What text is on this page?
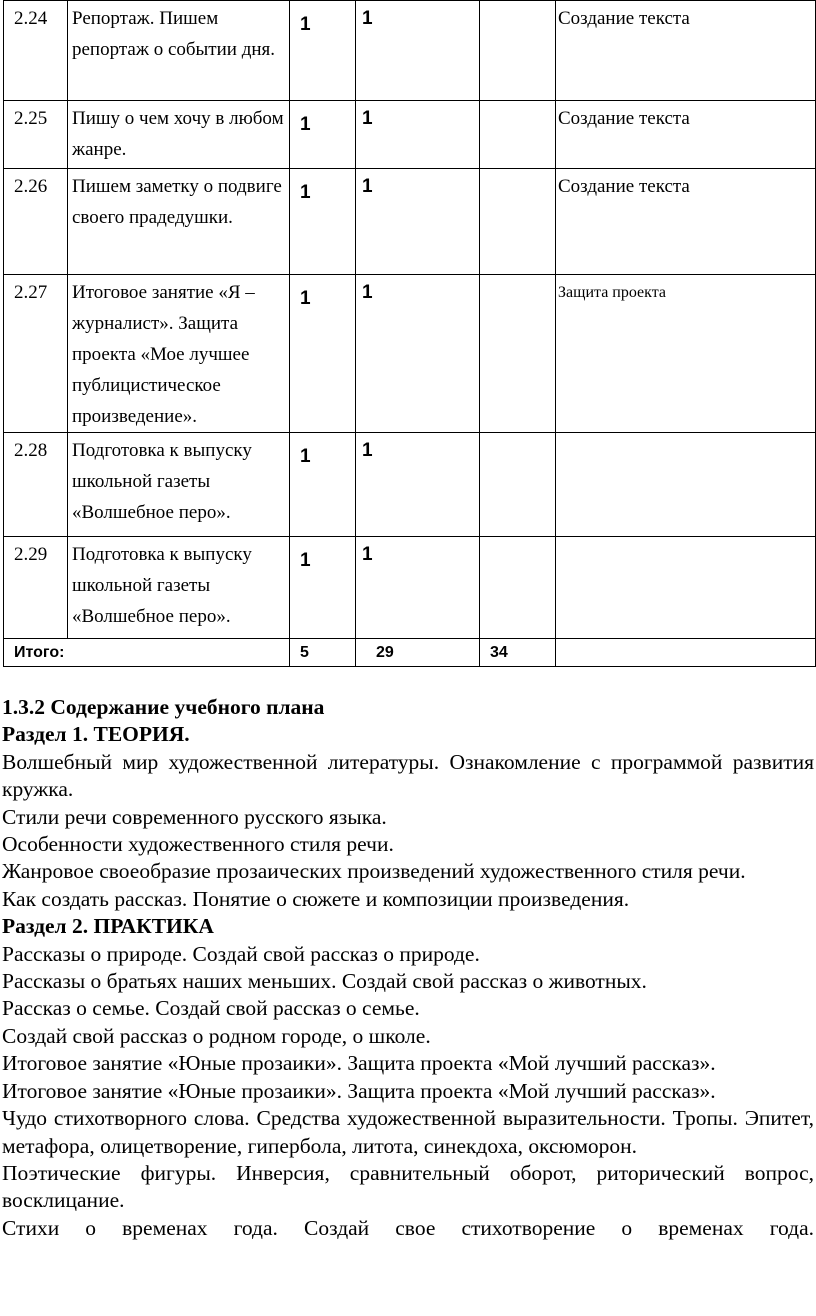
2.24	Репортаж. Пишем репортаж о событии дня.	1	1		Создание текста
2.25	Пишу о чем хочу в любом жанре.	1	1		Создание текста
2.26	Пишем заметку о подвиге своего прадедушки.	1	1		Создание текста
2.27	Итоговое занятие «Я – журналист». Защита проекта «Мое лучшее публицистическое произведение».	1	1		Защита проекта
2.28	Подготовка к выпуску школьной газеты «Волшебное перо».	1	1		
2.29	Подготовка к выпуску школьной газеты «Волшебное перо».	1	1		
Итого:		5	29	34	
1.3.2 Содержание учебного плана
Раздел 1. ТЕОРИЯ.

Волшебный мир художественной литературы. Ознакомление с программой развития кружка.

Стили речи современного русского языка.

Особенности художественного стиля речи.

Жанровое своеобразие прозаических произведений художественного стиля речи.

Как создать рассказ. Понятие о сюжете и композиции произведения.

Раздел 2. ПРАКТИКА

Рассказы о природе. Создай свой рассказ о природе.

Рассказы о братьях наших меньших. Создай свой рассказ о животных.

Рассказ о семье. Создай свой рассказ о семье.

Создай свой рассказ о родном городе, о школе.

Итоговое занятие «Юные прозаики». Защита проекта «Мой лучший рассказ».

Итоговое занятие «Юные прозаики». Защита проекта «Мой лучший рассказ».

Чудо стихотворного слова. Средства художественной выразительности. Тропы. Эпитет, метафора, олицетворение, гипербола, литота, синекдоха, оксюморон.

Поэтические фигуры. Инверсия, сравнительный оборот, риторический вопрос, восклицание.

Стихи о временах года. Создай свое стихотворение о временах года.
